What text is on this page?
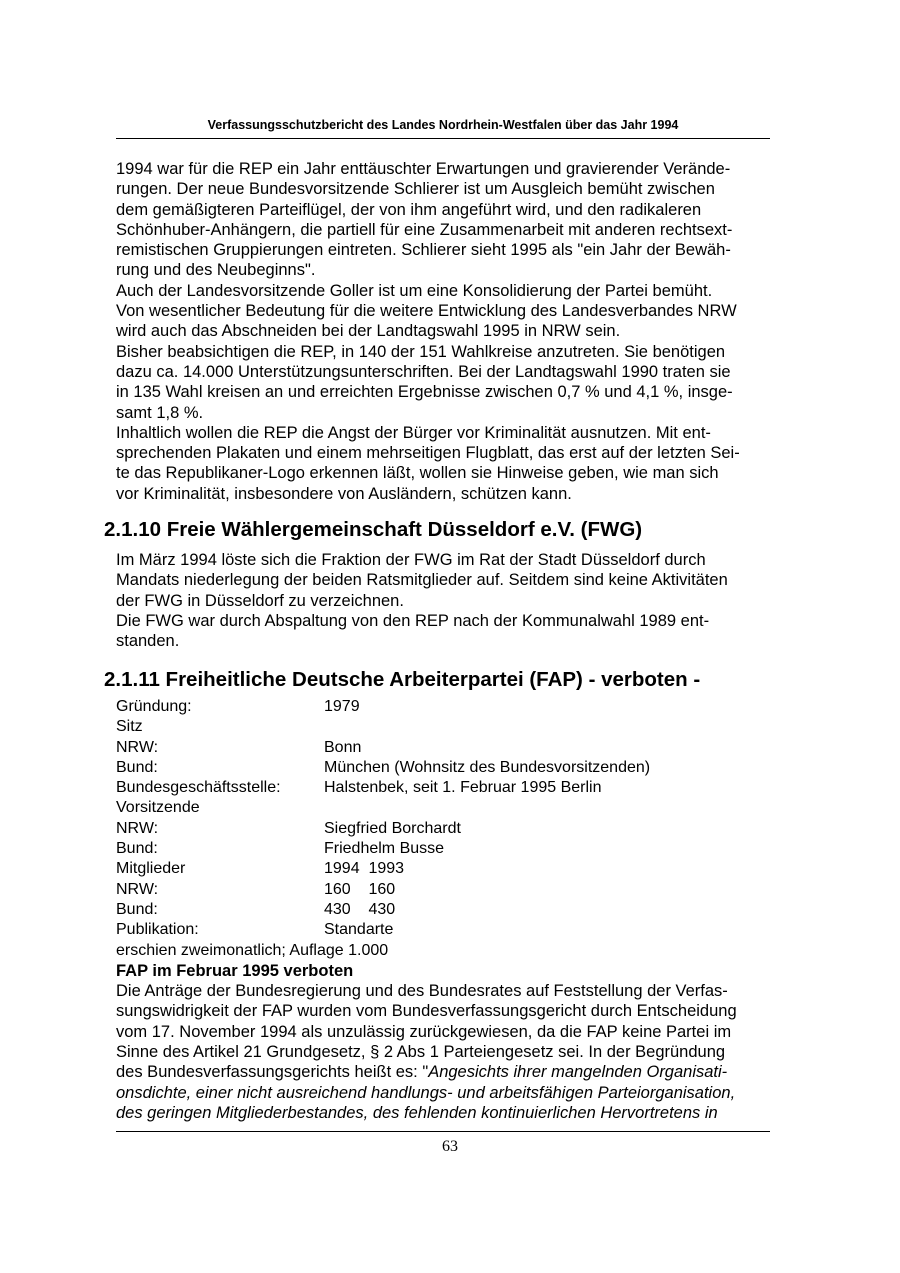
Verfassungsschutzbericht des Landes Nordrhein-Westfalen über das Jahr 1994

1994 war für die REP ein Jahr enttäuschter Erwartungen und gravierender Verände-

rungen. Der neue Bundesvorsitzende Schlierer ist um Ausgleich bemüht zwischen

dem gemäßigteren Parteiflügel, der von ihm angeführt wird, und den radikaleren

Schönhuber-Anhängern, die partiell für eine Zusammenarbeit mit anderen rechtsext-

remistischen Gruppierungen eintreten. Schlierer sieht 1995 als "ein Jahr der Bewäh-

rung und des Neubeginns".

Auch der Landesvorsitzende Goller ist um eine Konsolidierung der Partei bemüht.

Von wesentlicher Bedeutung für die weitere Entwicklung des Landesverbandes NRW

wird auch das Abschneiden bei der Landtagswahl 1995 in NRW sein.

Bisher beabsichtigen die REP, in 140 der 151 Wahlkreise anzutreten. Sie benötigen

dazu ca. 14.000 Unterstützungsunterschriften. Bei der Landtagswahl 1990 traten sie

in 135 Wahl kreisen an und erreichten Ergebnisse zwischen 0,7 % und 4,1 %, insge-

samt 1,8 %.

Inhaltlich wollen die REP die Angst der Bürger vor Kriminalität ausnutzen. Mit ent-

sprechenden Plakaten und einem mehrseitigen Flugblatt, das erst auf der letzten Sei-

te das Republikaner-Logo erkennen läßt, wollen sie Hinweise geben, wie man sich

vor Kriminalität, insbesondere von Ausländern, schützen kann.

2.1.10 Freie Wählergemeinschaft Düsseldorf e.V. (FWG)

Im März 1994 löste sich die Fraktion der FWG im Rat der Stadt Düsseldorf durch

Mandats niederlegung der beiden Ratsmitglieder auf. Seitdem sind keine Aktivitäten

der FWG in Düsseldorf zu verzeichnen.

Die FWG war durch Abspaltung von den REP nach der Kommunalwahl 1989 ent-

standen.

2.1.11 Freiheitliche Deutsche Arbeiterpartei (FAP) - verboten -
Gründung:	1979
Sitz
NRW:	Bonn
Bund:	München (Wohnsitz des Bundesvorsitzenden)
Bundesgeschäftsstelle:	Halstenbek, seit 1. Februar 1995 Berlin
Vorsitzende
NRW:	Siegfried Borchardt
Bund:	Friedhelm Busse
Mitglieder	1994  1993
NRW:	160    160
Bund:	430    430
Publikation:	Standarte
erschien zweimonatlich; Auflage 1.000

FAP im Februar 1995 verboten

Die Anträge der Bundesregierung und des Bundesrates auf Feststellung der Verfas-

sungswidrigkeit der FAP wurden vom Bundesverfassungsgericht durch Entscheidung

vom 17. November 1994 als unzulässig zurückgewiesen, da die FAP keine Partei im

Sinne des Artikel 21 Grundgesetz, § 2 Abs 1 Parteiengesetz sei. In der Begründung

des Bundesverfassungsgerichts heißt es: "Angesichts ihrer mangelnden Organisati-

onsdichte, einer nicht ausreichend handlungs- und arbeitsfähigen Parteiorganisation,

des geringen Mitgliederbestandes, des fehlenden kontinuierlichen Hervortretens in

63
